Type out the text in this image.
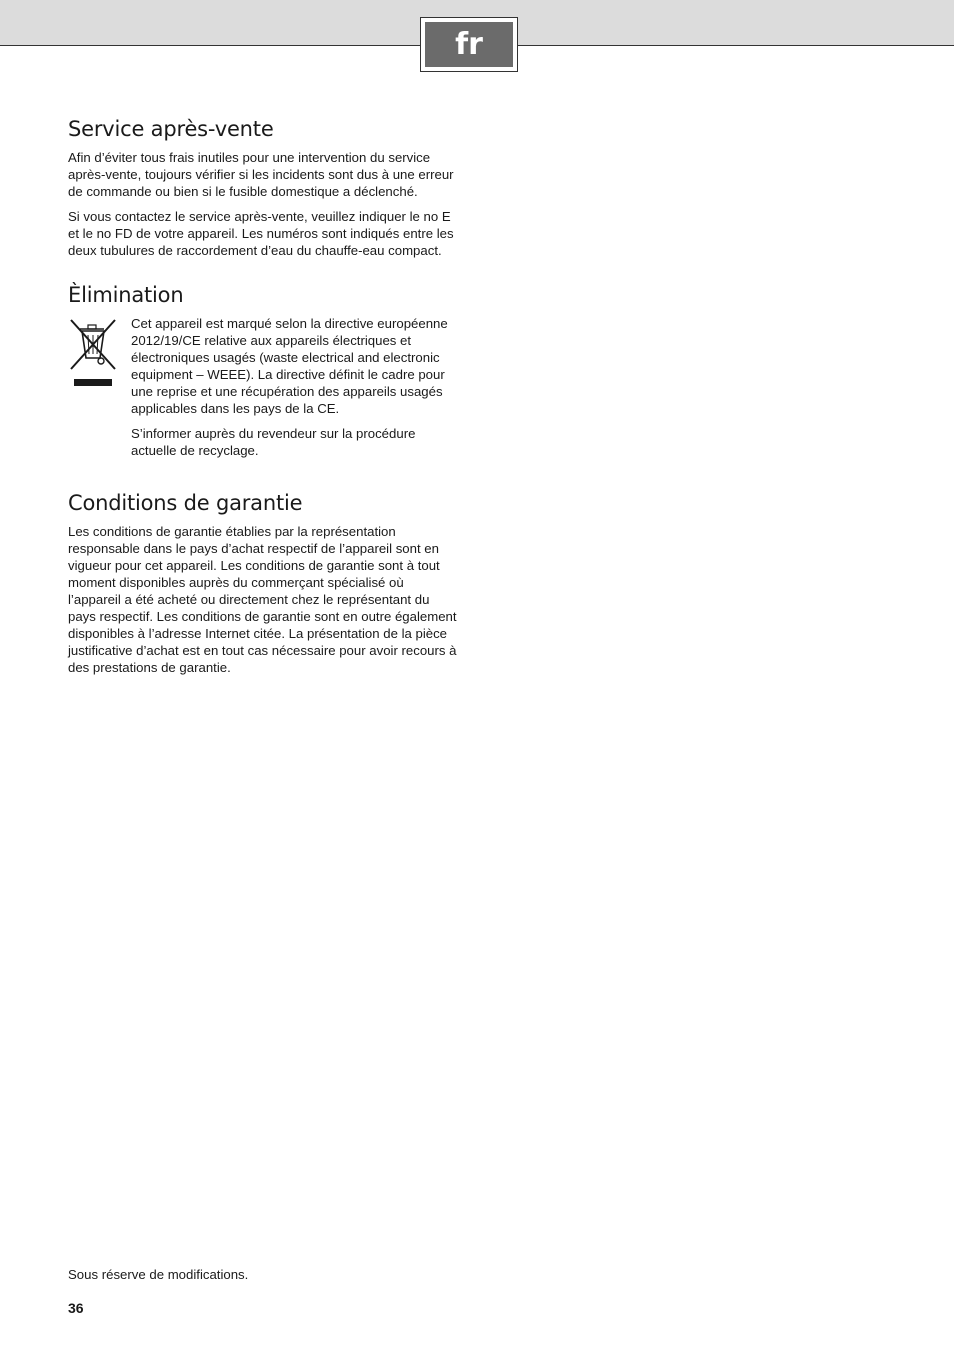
fr
Service après-vente

Afin d’éviter tous frais inutiles pour une intervention du service après-vente, toujours vérifier si les incidents sont dus à une erreur de commande ou bien si le fusible domestique a déclenché.

Si vous contactez le service après-vente, veuillez indiquer le no E et le no FD de votre appareil. Les numéros sont indiqués entre les deux tubulures de raccordement d’eau du chauffe-eau compact.

Èlimination

Cet appareil est marqué selon la directive européenne 2012/19/CE relative aux appareils électriques et électroniques usagés (waste electrical and electronic equipment – WEEE). La directive définit le cadre pour une reprise et une récupération des appareils usagés applicables dans les pays de la CE.

S’informer auprès du revendeur sur la procédure actuelle de recyclage.

Conditions de garantie

Les conditions de garantie établies par la représentation responsable dans le pays d’achat respectif de l’appareil sont en vigueur pour cet appareil. Les conditions de garantie sont à tout moment disponibles auprès du commerçant spécialisé où l’appareil a été acheté ou directement chez le représentant du pays respectif. Les conditions de garantie sont en outre également disponibles à l’adresse Internet citée. La présentation de la pièce justificative d’achat est en tout cas nécessaire pour avoir recours à des prestations de garantie.

Sous réserve de modifications.
36
